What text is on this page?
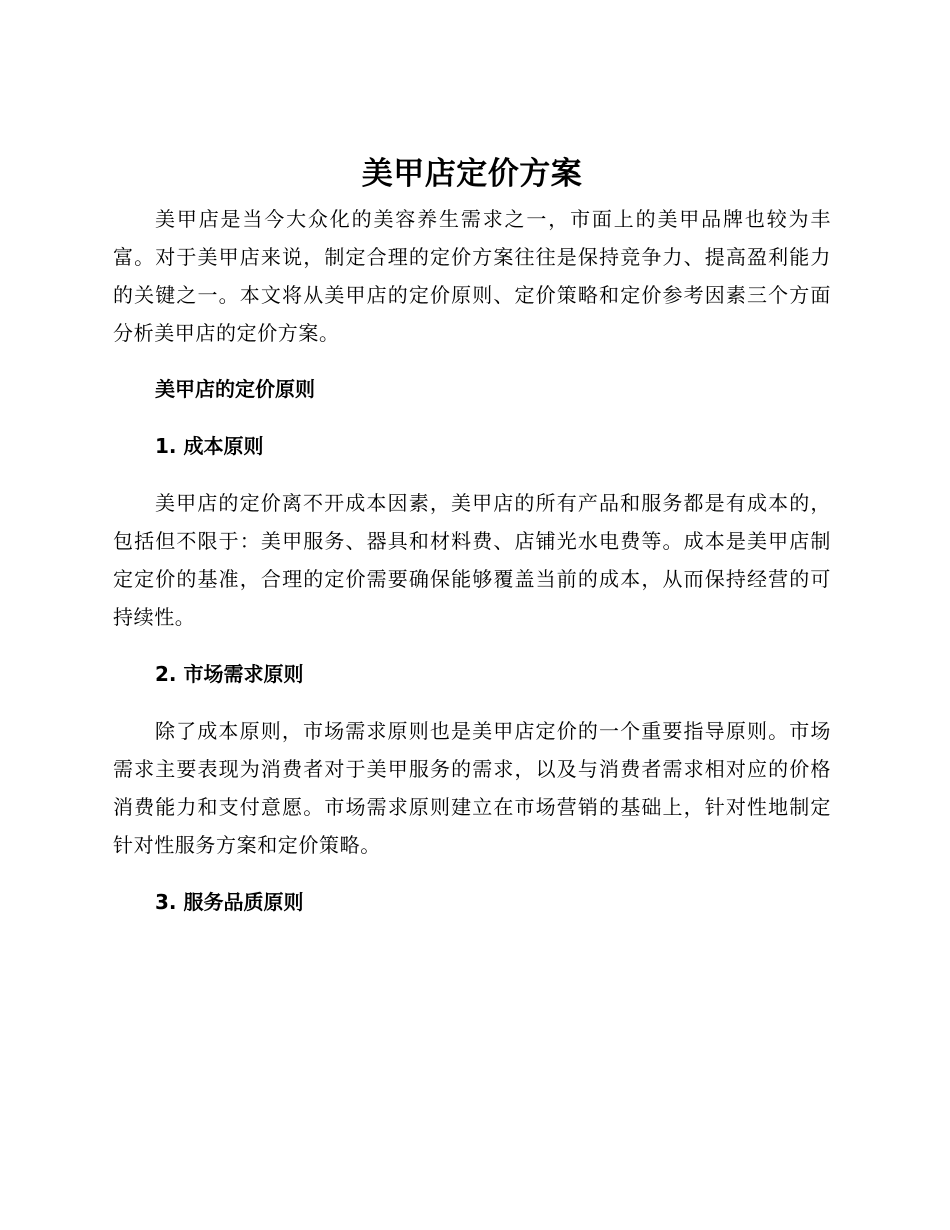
美甲店定价方案

美甲店是当今大众化的美容养生需求之一，市面上的美甲品牌也较为丰富。对于美甲店来说，制定合理的定价方案往往是保持竞争力、提高盈利能力的关键之一。本文将从美甲店的定价原则、定价策略和定价参考因素三个方面分析美甲店的定价方案。

美甲店的定价原则

1. 成本原则

美甲店的定价离不开成本因素，美甲店的所有产品和服务都是有成本的，包括但不限于：美甲服务、器具和材料费、店铺光水电费等。成本是美甲店制定定价的基准，合理的定价需要确保能够覆盖当前的成本，从而保持经营的可持续性。

2. 市场需求原则

除了成本原则，市场需求原则也是美甲店定价的一个重要指导原则。市场需求主要表现为消费者对于美甲服务的需求，以及与消费者需求相对应的价格消费能力和支付意愿。市场需求原则建立在市场营销的基础上，针对性地制定针对性服务方案和定价策略。

3. 服务品质原则
